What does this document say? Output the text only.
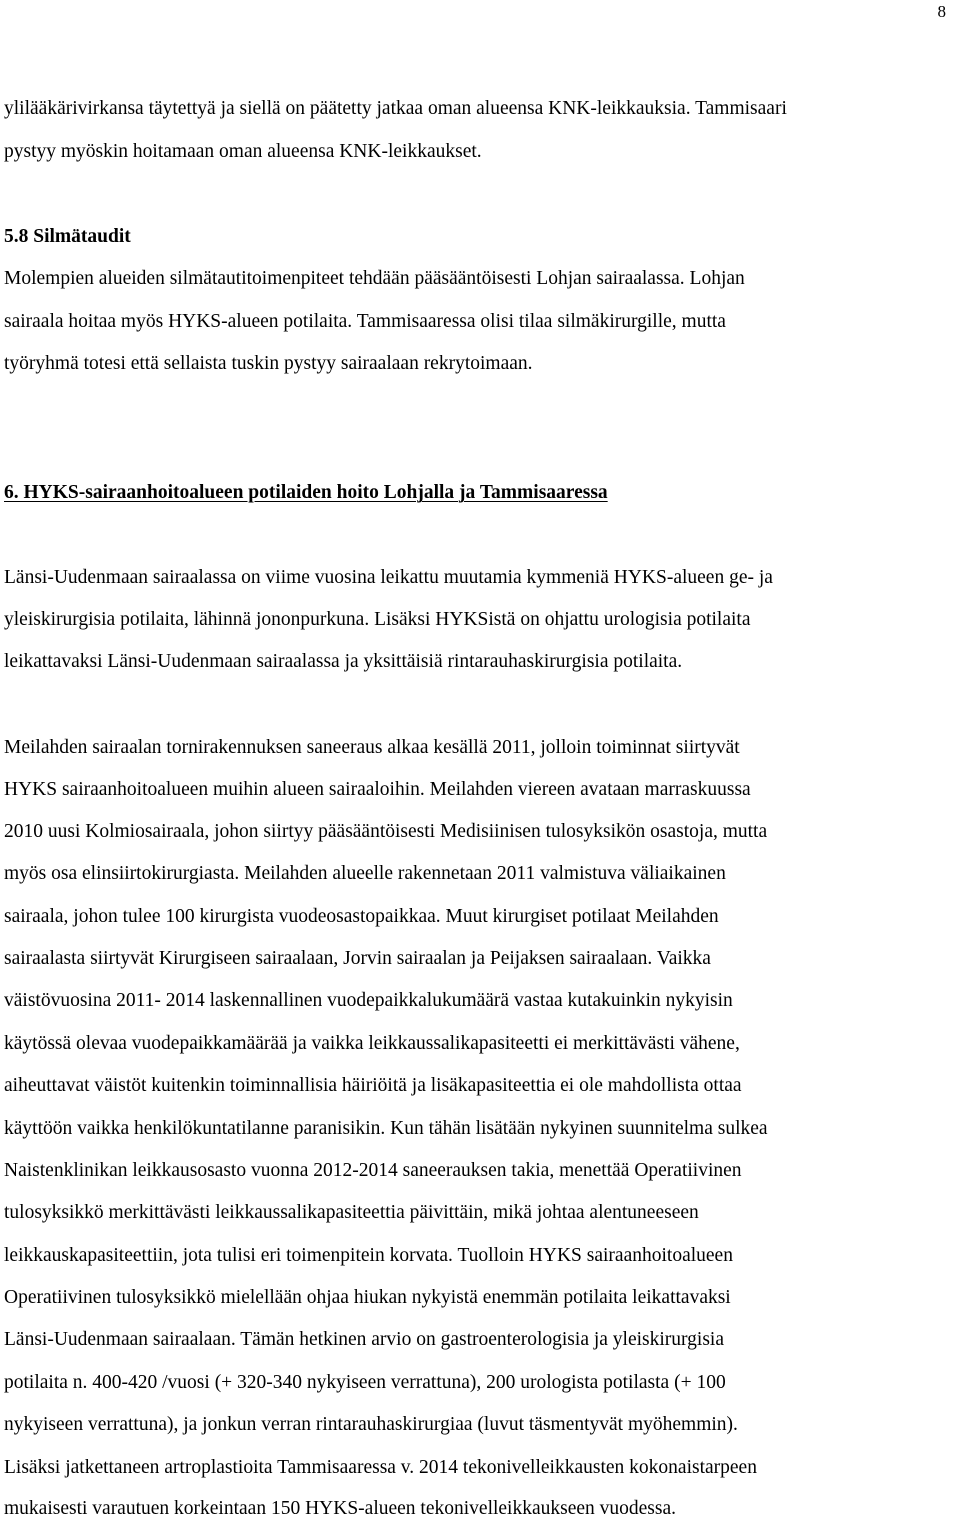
8
ylilääkärivirkansa täytettyä ja siellä on päätetty jatkaa oman alueensa KNK-leikkauksia. Tammisaari
pystyy myöskin hoitamaan oman alueensa KNK-leikkaukset.
5.8 Silmätaudit
Molempien alueiden silmätautitoimenpiteet tehdään pääsääntöisesti Lohjan sairaalassa. Lohjan
sairaala hoitaa myös HYKS-alueen potilaita. Tammisaaressa olisi tilaa silmäkirurgille, mutta
työryhmä totesi että sellaista tuskin pystyy sairaalaan rekrytoimaan.
6. HYKS-sairaanhoitoalueen potilaiden hoito Lohjalla ja Tammisaaressa
Länsi-Uudenmaan sairaalassa on viime vuosina leikattu muutamia kymmeniä HYKS-alueen ge- ja
yleiskirurgisia potilaita, lähinnä jononpurkuna. Lisäksi HYKSistä on ohjattu urologisia potilaita
leikattavaksi Länsi-Uudenmaan sairaalassa ja yksittäisiä rintarauhaskirurgisia potilaita.
Meilahden sairaalan tornirakennuksen saneeraus alkaa kesällä 2011, jolloin toiminnat siirtyvät
HYKS sairaanhoitoalueen muihin alueen sairaaloihin. Meilahden viereen avataan marraskuussa
2010 uusi Kolmiosairaala, johon siirtyy pääsääntöisesti Medisiinisen tulosyksikön osastoja, mutta
myös osa elinsiirtokirurgiasta. Meilahden alueelle rakennetaan 2011 valmistuva väliaikainen
sairaala, johon tulee 100 kirurgista vuodeosastopaikkaa. Muut kirurgiset potilaat Meilahden
sairaalasta siirtyvät Kirurgiseen sairaalaan, Jorvin sairaalan ja Peijaksen sairaalaan. Vaikka
väistövuosina 2011- 2014 laskennallinen vuodepaikkalukumäärä vastaa kutakuinkin nykyisin
käytössä olevaa vuodepaikkamäärää ja vaikka leikkaussalikapasiteetti ei merkittävästi vähene,
aiheuttavat väistöt kuitenkin toiminnallisia häiriöitä ja lisäkapasiteettia ei ole mahdollista ottaa
käyttöön vaikka henkilökuntatilanne paranisikin. Kun tähän lisätään nykyinen suunnitelma sulkea
Naistenklinikan leikkausosasto vuonna 2012-2014 saneerauksen takia, menettää Operatiivinen
tulosyksikkö merkittävästi leikkaussalikapasiteettia päivittäin, mikä johtaa alentuneeseen
leikkauskapasiteettiin, jota tulisi eri toimenpitein korvata. Tuolloin HYKS sairaanhoitoalueen
Operatiivinen tulosyksikkö mielellään ohjaa hiukan nykyistä enemmän potilaita leikattavaksi
Länsi-Uudenmaan sairaalaan. Tämän hetkinen arvio on gastroenterologisia ja yleiskirurgisia
potilaita n. 400-420 /vuosi (+ 320-340 nykyiseen verrattuna), 200 urologista potilasta (+ 100
nykyiseen verrattuna), ja jonkun verran rintarauhaskirurgiaa (luvut täsmentyvät myöhemmin).
Lisäksi jatkettaneen artroplastioita Tammisaaressa v. 2014 tekonivelleikkausten kokonaistarpeen
mukaisesti varautuen korkeintaan 150 HYKS-alueen tekonivelleikkaukseen vuodessa.
